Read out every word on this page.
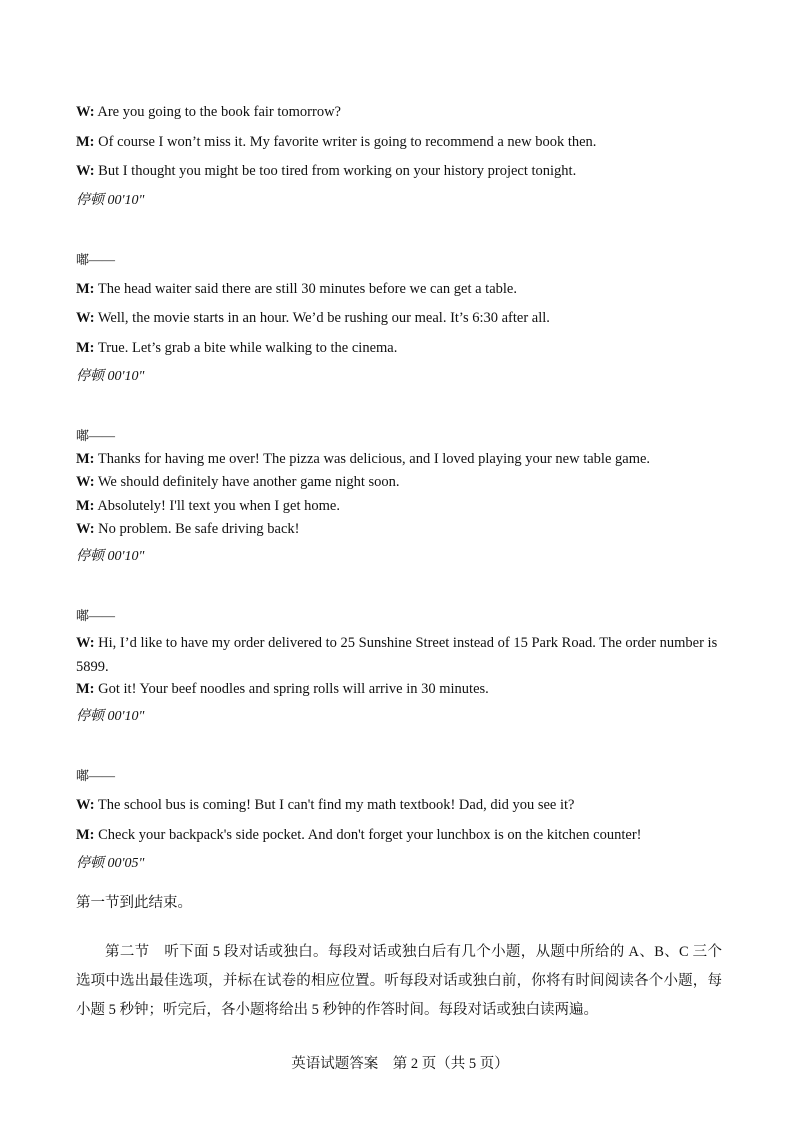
W: Are you going to the book fair tomorrow?
M: Of course I won’t miss it. My favorite writer is going to recommend a new book then.
W: But I thought you might be too tired from working on your history project tonight.
停顿 00'10"
嘟——
M: The head waiter said there are still 30 minutes before we can get a table.
W: Well, the movie starts in an hour. We’d be rushing our meal. It’s 6:30 after all.
M: True. Let’s grab a bite while walking to the cinema.
停顿 00'10"
嘟——
M: Thanks for having me over! The pizza was delicious, and I loved playing your new table game.
W: We should definitely have another game night soon.
M: Absolutely! I'll text you when I get home.
W: No problem. Be safe driving back!
停顿 00'10"
嘟——
W: Hi, I’d like to have my order delivered to 25 Sunshine Street instead of 15 Park Road. The order number is 5899.
M: Got it! Your beef noodles and spring rolls will arrive in 30 minutes.
停顿 00'10"
嘟——
W: The school bus is coming! But I can't find my math textbook! Dad, did you see it?
M: Check your backpack's side pocket. And don't forget your lunchbox is on the kitchen counter!
停顿 00'05"
第一节到此结束。
第二节　听下面 5 段对话或独白。每段对话或独白后有几个小题，从题中所给的 A、B、C 三个选项中选出最佳选项，并标在试卷的相应位置。听每段对话或独白前，你将有时间阅读各个小题，每小题 5 秒钟；听完后，各小题将给出 5 秒钟的作答时间。每段对话或独白读两遍。
英语试题答案　第 2 页（共 5 页）
